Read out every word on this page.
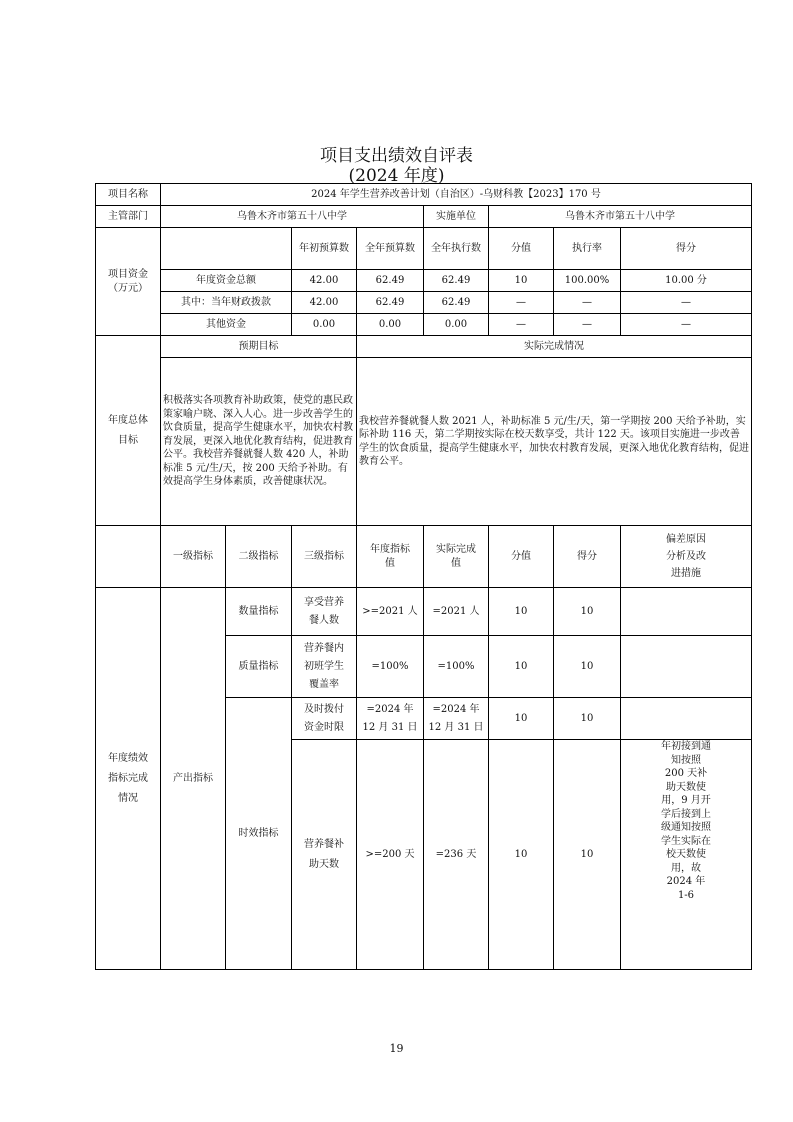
项目支出绩效自评表
(2024 年度)
项目名称	2024 年学生营养改善计划（自治区）-乌财科教【2023】170 号							
主管部门	乌鲁木齐市第五十八中学				实施单位	乌鲁木齐市第五十八中学		

项目资金（万元）			年初预算数	全年预算数	全年执行数	分值	执行率	得分
	年度资金总额		42.00	62.49	62.49	10	100.00%	10.00 分
	其中：当年财政拨款		42.00	62.49	62.49	—	—	—
	其他资金		0.00	0.00	0.00	—	—	—

年度总体目标	预期目标			实际完成情况				
	积极落实各项教育补助政策，使党的惠民政策家喻户晓、深入人心。进一步改善学生的饮食质量，提高学生健康水平，加快农村教育发展，更深入地优化教育结构，促进教育公平。我校营养餐就餐人数 420 人，补助标准 5 元/生/天，按 200 天给予补助。有效提高学生身体素质，改善健康状况。			我校营养餐就餐人数 2021 人，补助标准 5 元/生/天，第一学期按 200 天给予补助，实际补助 116 天，第二学期按实际在校天数享受，共计 122 天。该项目实施进一步改善学生的饮食质量，提高学生健康水平，加快农村教育发展，更深入地优化教育结构，促进教育公平。				
	一级指标	二级指标	三级指标	年度指标值	实际完成值	分值	得分	偏差原因分析及改进措施

年度绩效指标完成情况	产出指标	数量指标	享受营养餐人数	>=2021 人	=2021 人	10	10	
		质量指标	营养餐内初班学生覆盖率	=100%	=100%	10	10	
		时效指标	及时拨付资金时限	=2024 年 12 月 31 日	=2024 年 12 月 31 日	10	10	

			营养餐补助天数	>=200 天	=236 天	10	10	年初接到通知按照 200 天补助天数使用，9 月开学后接到上级通知按照学生实际在校天数使用，故 2024 年 1-6
19
